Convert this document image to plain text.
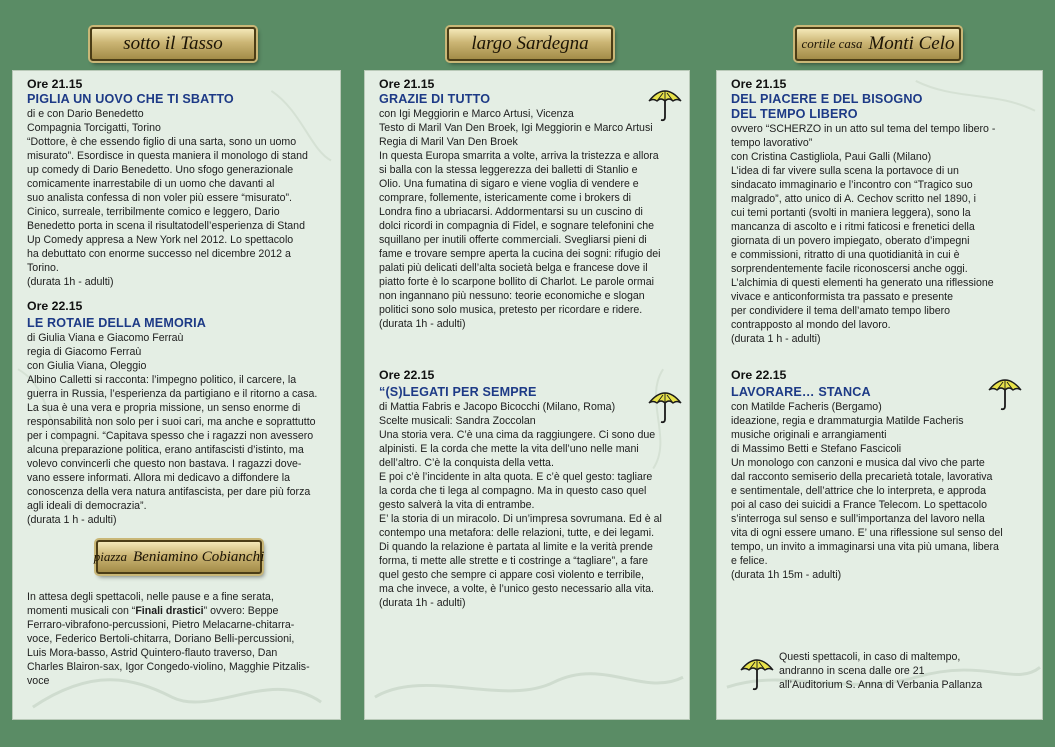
sotto il Tasso	largo Sardegna	cortile casa Monti Celo
Ore 21.15
PIGLIA UN UOVO CHE TI SBATTO
di e con Dario Benedetto
Compagnia Torcigatti, Torino
“Dottore, è che essendo figlio di una sarta, sono un uomo
misurato”. Esordisce in questa maniera il monologo di stand
up comedy di Dario Benedetto. Uno sfogo generazionale
comicamente inarrestabile di un uomo che davanti al
suo analista confessa di non voler più essere “misurato”.
Cinico, surreale, terribilmente comico e leggero, Dario
Benedetto porta in scena il risultatodell’esperienza di Stand
Up Comedy appresa a New York nel 2012. Lo spettacolo
ha debuttato con enorme successo nel dicembre 2012 a
Torino.
(durata 1h - adulti)
Ore 22.15
LE ROTAIE DELLA MEMORIA
di Giulia Viana e Giacomo Ferraù
regia di Giacomo Ferraù
con Giulia Viana, Oleggio
Albino Calletti si racconta: l’impegno politico, il carcere, la
guerra in Russia, l’esperienza da partigiano e il ritorno a casa.
La sua è una vera e propria missione, un senso enorme di
responsabilità non solo per i suoi cari, ma anche e soprattutto
per i compagni. “Capitava spesso che i ragazzi non avessero
alcuna preparazione politica, erano antifascisti d’istinto, ma
volevo convincerli che questo non bastava. I ragazzi dove-
vano essere informati. Allora mi dedicavo a diffondere la
conoscenza della vera natura antifascista, per dare più forza
agli ideali di democrazia”.
(durata 1 h - adulti)
In attesa degli spettacoli, nelle pause e a fine serata,
momenti musicali con “Finali drastici” ovvero: Beppe
Ferraro-vibrafono-percussioni, Pietro Melacarne-chitarra-
voce, Federico Bertoli-chitarra, Doriano Belli-percussioni,
Luis Mora-basso, Astrid Quintero-flauto traverso, Dan
Charles Blairon-sax, Igor Congedo-violino, Magghie Pitzalis-
voce
piazza Beniamino Cobianchi
Ore 21.15
GRAZIE DI TUTTO
con Igi Meggiorin e Marco Artusi, Vicenza
Testo di Maril Van Den Broek, Igi Meggiorin e Marco Artusi
Regia di Maril Van Den Broek
In questa Europa smarrita a volte, arriva la tristezza e allora
si balla con la stessa leggerezza dei balletti di Stanlio e
Olio. Una fumatina di sigaro e viene voglia di vendere e
comprare, follemente, istericamente come i brokers di
Londra fino a ubriacarsi. Addormentarsi su un cuscino di
dolci ricordi in compagnia di Fidel, e sognare telefonini che
squillano per inutili offerte commerciali. Svegliarsi pieni di
fame e trovare sempre aperta la cucina dei sogni: rifugio dei
palati più delicati dell’alta società belga e francese dove il
piatto forte è lo scarpone bollito di Charlot. Le parole ormai
non ingannano più nessuno: teorie economiche e slogan
politici sono solo musica, pretesto per ricordare e ridere.
(durata 1h - adulti)
Ore 22.15
“(S)LEGATI PER SEMPRE
di Mattia Fabris e Jacopo Bicocchi (Milano, Roma)
Scelte musicali: Sandra Zoccolan
Una storia vera. C’è una cima da raggiungere. Ci sono due
alpinisti. E la corda che mette la vita dell’uno nelle mani
dell’altro. C’è la conquista della vetta.
E poi c’è l’incidente in alta quota. E c’è quel gesto: tagliare
la corda che ti lega al compagno. Ma in questo caso quel
gesto salverà la vita di entrambe.
E’ la storia di un miracolo. Di un’impresa sovrumana. Ed è al
contempo una metafora: delle relazioni, tutte, e dei legami.
Di quando la relazione è partata al limite e la verità prende
forma, ti mette alle strette e ti costringe a “tagliare”, a fare
quel gesto che sempre ci appare così violento e terribile,
ma che invece, a volte, è l’unico gesto necessario alla vita.
(durata 1h - adulti)
Ore 21.15
DEL PIACERE E DEL BISOGNO
DEL TEMPO LIBERO
ovvero “SCHERZO in un atto sul tema del tempo libero -
tempo lavorativo”
con Cristina Castigliola, Paui Galli (Milano)
L’idea di far vivere sulla scena la portavoce di un
sindacato immaginario e l’incontro con “Tragico suo
malgrado”, atto unico di A. Cechov scritto nel 1890, i
cui temi portanti (svolti in maniera leggera), sono la
mancanza di ascolto e i ritmi faticosi e frenetici della
giornata di un povero impiegato, oberato d’impegni
e commissioni, ritratto di una quotidianità in cui è
sorprendentemente facile riconoscersi anche oggi.
L’alchimia di questi elementi ha generato una riflessione
vivace e anticonformista tra passato e presente
per condividere il tema dell’amato tempo libero
contrapposto al mondo del lavoro.
(durata 1 h - adulti)
Ore 22.15
LAVORARE… STANCA
con Matilde Facheris (Bergamo)
ideazione, regia e drammaturgia Matilde Facheris
musiche originali e arrangiamenti
di Massimo Betti e Stefano Fascicoli
Un monologo con canzoni e musica dal vivo che parte
dal racconto semiserio della precarietà totale, lavorativa
e sentimentale, dell’attrice che lo interpreta, e approda
poi al caso dei suicidi a France Telecom. Lo spettacolo
s’interroga sul senso e sull’importanza del lavoro nella
vita di ogni essere umano. E’ una riflessione sul senso del
tempo, un invito a immaginarsi una vita più umana, libera
e felice.
(durata 1h 15m - adulti)
Questi spettacoli, in caso di maltempo,
andranno in scena dalle ore 21
all’Auditorium S. Anna di Verbania Pallanza
